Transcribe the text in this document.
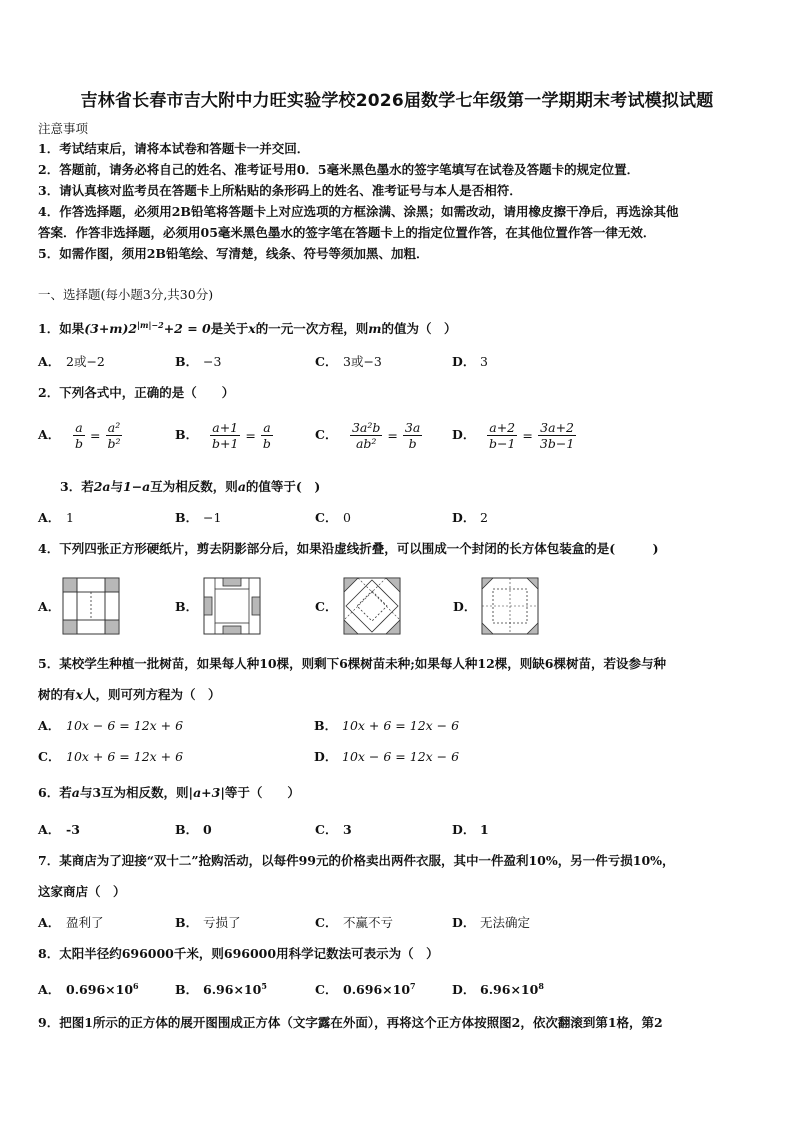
吉林省长春市吉大附中力旺实验学校2026届数学七年级第一学期期末考试模拟试题
注意事项
1．考试结束后，请将本试卷和答题卡一并交回．
2．答题前，请务必将自己的姓名、准考证号用0．5毫米黑色墨水的签字笔填写在试卷及答题卡的规定位置．
3．请认真核对监考员在答题卡上所粘贴的条形码上的姓名、准考证号与本人是否相符．
4．作答选择题，必须用2B铅笔将答题卡上对应选项的方框涂满、涂黑；如需改动，请用橡皮擦干净后，再选涂其他
答案．作答非选择题，必须用05毫米黑色墨水的签字笔在答题卡上的指定位置作答，在其他位置作答一律无效．
5．如需作图，须用2B铅笔绘、写清楚，线条、符号等须加黑、加粗．
一、选择题(每小题3分,共30分)
1．如果$(3+m)2^{|m|-2}+2 = 0$是关于x的一元一次方程，则m的值为（　）
A． 2或−2	B． −3	C． 3或−3	D． 3
2．下列各式中，正确的是（　　）
A． $\frac{a}{b} = \frac{\text{a²}}{\text{b²}}$	B． $\frac{a+1}{b+1} = \frac{a}{b}$	C． $\frac{\text{3a²b}}{\text{ab²}} = \frac{3a}{b}$ D． $\frac{a+2}{b-1} = \frac{3a+2}{3b-1}$
3．若2a与1−a互为相反数，则a的值等于(　)
A． 1	B． −1	C． 0	D． 2
4．下列四张正方形硬纸片，剪去阴影部分后，如果沿虚线折叠，可以围成一个封闭的长方体包装盒的是(　　　)
A．	B．	C．	D．
5．某校学生种植一批树苗，如果每人种10棵，则剩下6棵树苗未种;如果每人种12棵，则缺6棵树苗，若设参与种
树的有x人，则可列方程为（　）
A． 10x − 6 = 12x + 6	B． 10x + 6 = 12x − 6
C． 10x + 6 = 12x + 6	D． 10x − 6 = 12x − 6
6．若a与3互为相反数，则|a+3|等于（　　）
A． -3	B． 0	C． 3	D． 1
7．某商店为了迎接“双十二”抢购活动，以每件99元的价格卖出两件衣服，其中一件盈利10%，另一件亏损10%，
这家商店（　）
A． 盈利了	B． 亏损了	C． 不赢不亏	D． 无法确定
8．太阳半径约696000千米，则696000用科学记数法可表示为（　）
A． $0.696\times 10^6$	B． $6.96\times 10^5$	C． $0.696\times 10^7$	D． $6.96\times 10^8$
9．把图1所示的正方体的展开图围成正方体（文字露在外面），再将这个正方体按照图2，依次翻滚到第1格，第2
